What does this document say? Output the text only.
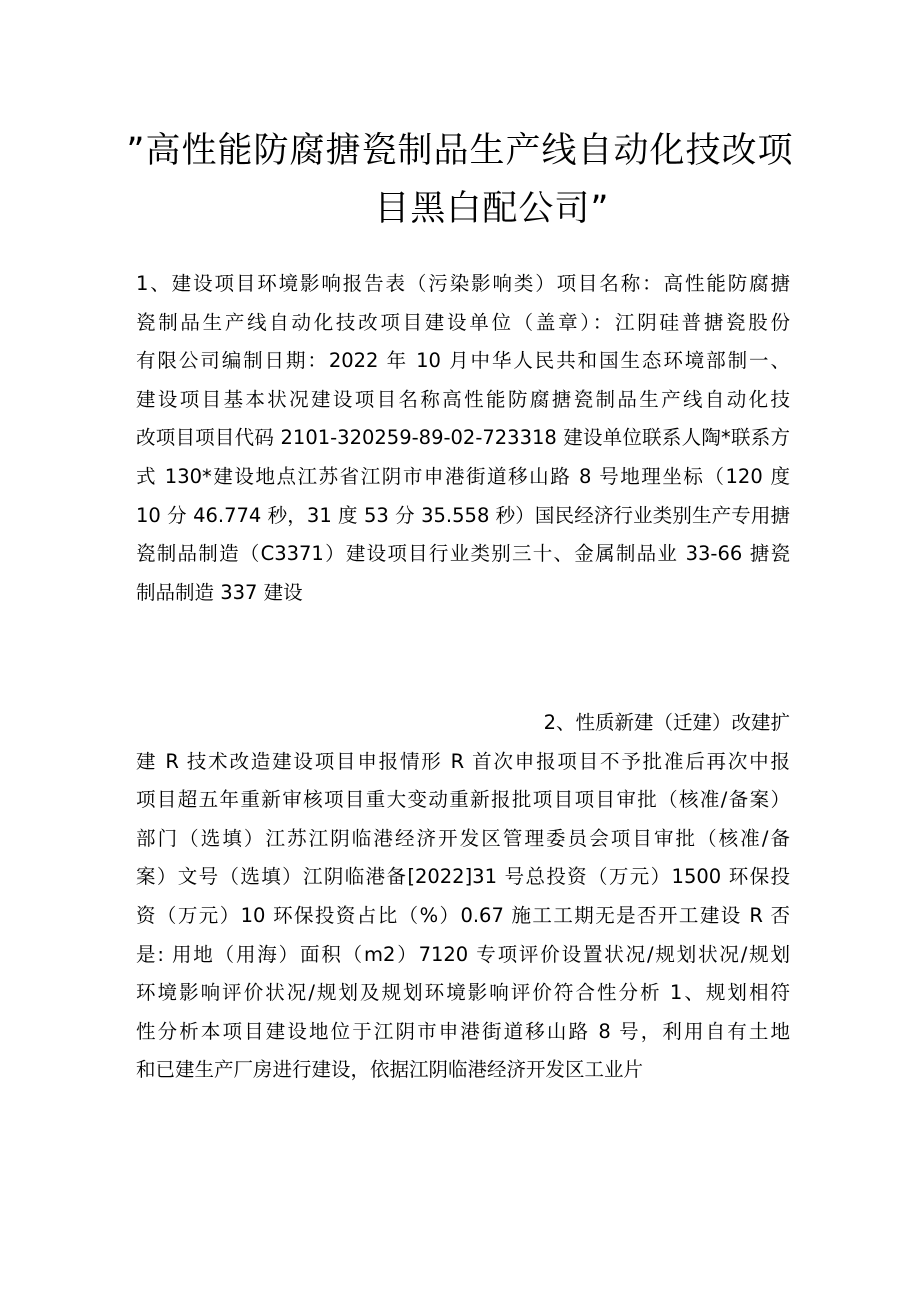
”高性能防腐搪瓷制品生产线自动化技改项
目黑白配公司”

1、建设项目环境影响报告表（污染影响类）项目名称：高性能防腐搪
瓷制品生产线自动化技改项目建设单位（盖章）：江阴硅普搪瓷股份
有限公司编制日期：2022 年 10 月中华人民共和国生态环境部制一、
建设项目基本状况建设项目名称高性能防腐搪瓷制品生产线自动化技
改项目项目代码 2101-320259-89-02-723318 建设单位联系人陶*联系方
式 130*建设地点江苏省江阴市申港街道移山路 8 号地理坐标（120 度
10 分 46.774 秒，31 度 53 分 35.558 秒）国民经济行业类别生产专用搪
瓷制品制造（C3371）建设项目行业类别三十、金属制品业 33-66 搪瓷
制品制造 337 建设

2、性质新建（迁建）改建扩
建 R 技术改造建设项目申报情形 R 首次申报项目不予批准后再次中报
项目超五年重新审核项目重大变动重新报批项目项目审批（核准/备案）
部门（选填）江苏江阴临港经济开发区管理委员会项目审批（核准/备
案）文号（选填）江阴临港备[2022]31 号总投资（万元）1500 环保投
资（万元）10 环保投资占比（%）0.67 施工工期无是否开工建设 R 否
是: 用地（用海）面积（m2）7120 专项评价设置状况/规划状况/规划
环境影响评价状况/规划及规划环境影响评价符合性分析 1、规划相符
性分析本项目建设地位于江阴市申港街道移山路 8 号，利用自有土地
和已建生产厂房进行建设，依据江阴临港经济开发区工业片
